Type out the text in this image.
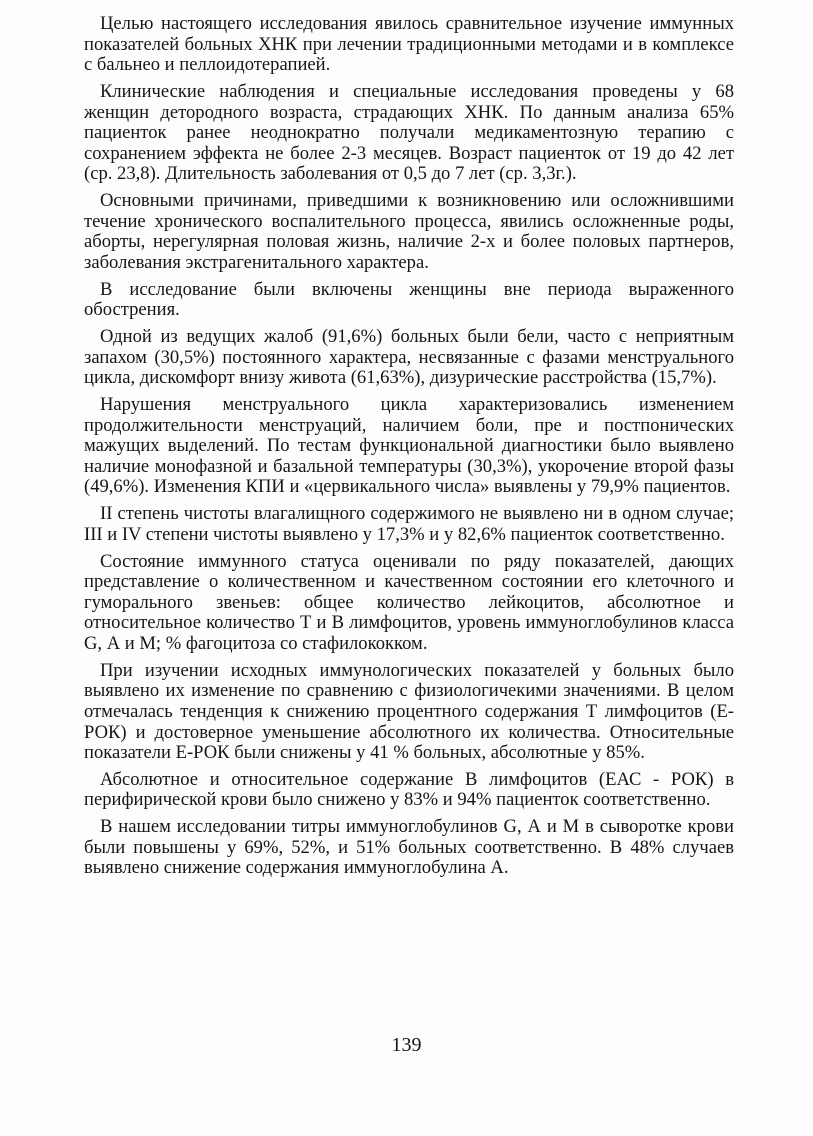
Целью настоящего исследования явилось сравнительное изучение иммунных показателей больных ХНК при лечении традиционными методами и в комплексе с бальнео и пеллоидотерапией.

Клинические наблюдения и специальные исследования проведены у 68 женщин детородного возраста, страдающих ХНК. По данным анализа 65% пациенток ранее неоднократно получали медикаментозную терапию с сохранением эффекта не более 2-3 месяцев. Возраст пациенток от 19 до 42 лет (ср. 23,8). Длительность заболевания от 0,5 до 7 лет (ср. 3,3г.).

Основными причинами, приведшими к возникновению или осложнившими течение хронического воспалительного процесса, явились осложненные роды, аборты, нерегулярная половая жизнь, наличие 2-х и более половых партнеров, заболевания экстрагенитального характера.

В исследование были включены женщины вне периода выраженного обострения.

Одной из ведущих жалоб (91,6%) больных были бели, часто с неприятным запахом (30,5%) постоянного характера, несвязанные с фазами менструального цикла, дискомфорт внизу живота (61,63%), дизурические расстройства (15,7%).

Нарушения менструального цикла характеризовались изменением продолжительности менструаций, наличием боли, пре и постпонических мажущих выделений. По тестам функциональной диагностики было выявлено наличие монофазной и базальной температуры (30,3%), укорочение второй фазы (49,6%). Изменения КПИ и «цервикального числа» выявлены у 79,9% пациентов.

II степень чистоты влагалищного содержимого не выявлено ни в одном случае; III и IV степени чистоты выявлено у 17,3% и у 82,6% пациенток соответственно.

Состояние иммунного статуса оценивали по ряду показателей, дающих представление о количественном и качественном состоянии его клеточного и гуморального звеньев: общее количество лейкоцитов, абсолютное и относительное количество Т и В лимфоцитов, уровень иммуноглобулинов класса G, А и М; % фагоцитоза со стафилококком.

При изучении исходных иммунологических показателей у больных было выявлено их изменение по сравнению с физиологичекими значениями. В целом отмечалась тенденция к снижению процентного содержания Т лимфоцитов (Е-РОК) и достоверное уменьшение абсолютного их количества. Относительные показатели Е-РОК были снижены у 41 % больных, абсолютные у 85%.

Абсолютное и относительное содержание В лимфоцитов (ЕАС - РОК) в перифирической крови было снижено у 83% и 94% пациенток соответственно.

В нашем исследовании титры иммуноглобулинов G, А и М в сыворотке крови были повышены у 69%, 52%, и 51% больных соответственно. В 48% случаев выявлено снижение содержания иммуноглобулина А.

139
